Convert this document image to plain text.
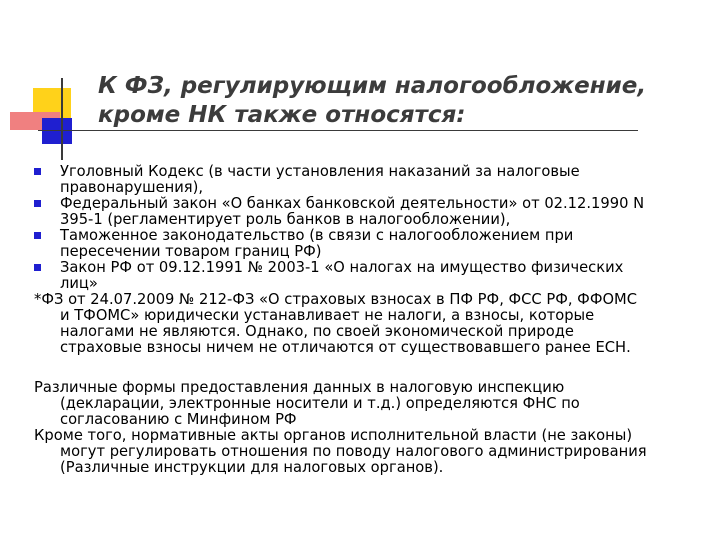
К ФЗ, регулирующим налогообложение,
кроме НК также относятся:
Уголовный Кодекс (в части установления наказаний за налоговые
правонарушения),
Федеральный закон «О банках банковской деятельности» от 02.12.1990 N
395-1 (регламентирует роль банков в налогообложении),
Таможенное законодательство (в связи с налогообложением при
пересечении товаром границ РФ)
Закон РФ от 09.12.1991 № 2003-1 «О налогах на имущество физических
лиц»
*ФЗ от 24.07.2009 № 212-ФЗ «О страховых взносах в ПФ РФ, ФСС РФ, ФФОМС
и ТФОМС» юридически устанавливает не налоги, а взносы, которые
налогами не являются. Однако, по своей экономической природе
страховые взносы ничем не отличаются от существовавшего ранее ЕСН.
Различные формы предоставления данных в налоговую инспекцию
(декларации, электронные носители и т.д.) определяются ФНС по
согласованию с Минфином РФ
Кроме того, нормативные акты органов исполнительной власти (не законы)
могут регулировать отношения по поводу налогового администрирования
(Различные инструкции для налоговых органов).
